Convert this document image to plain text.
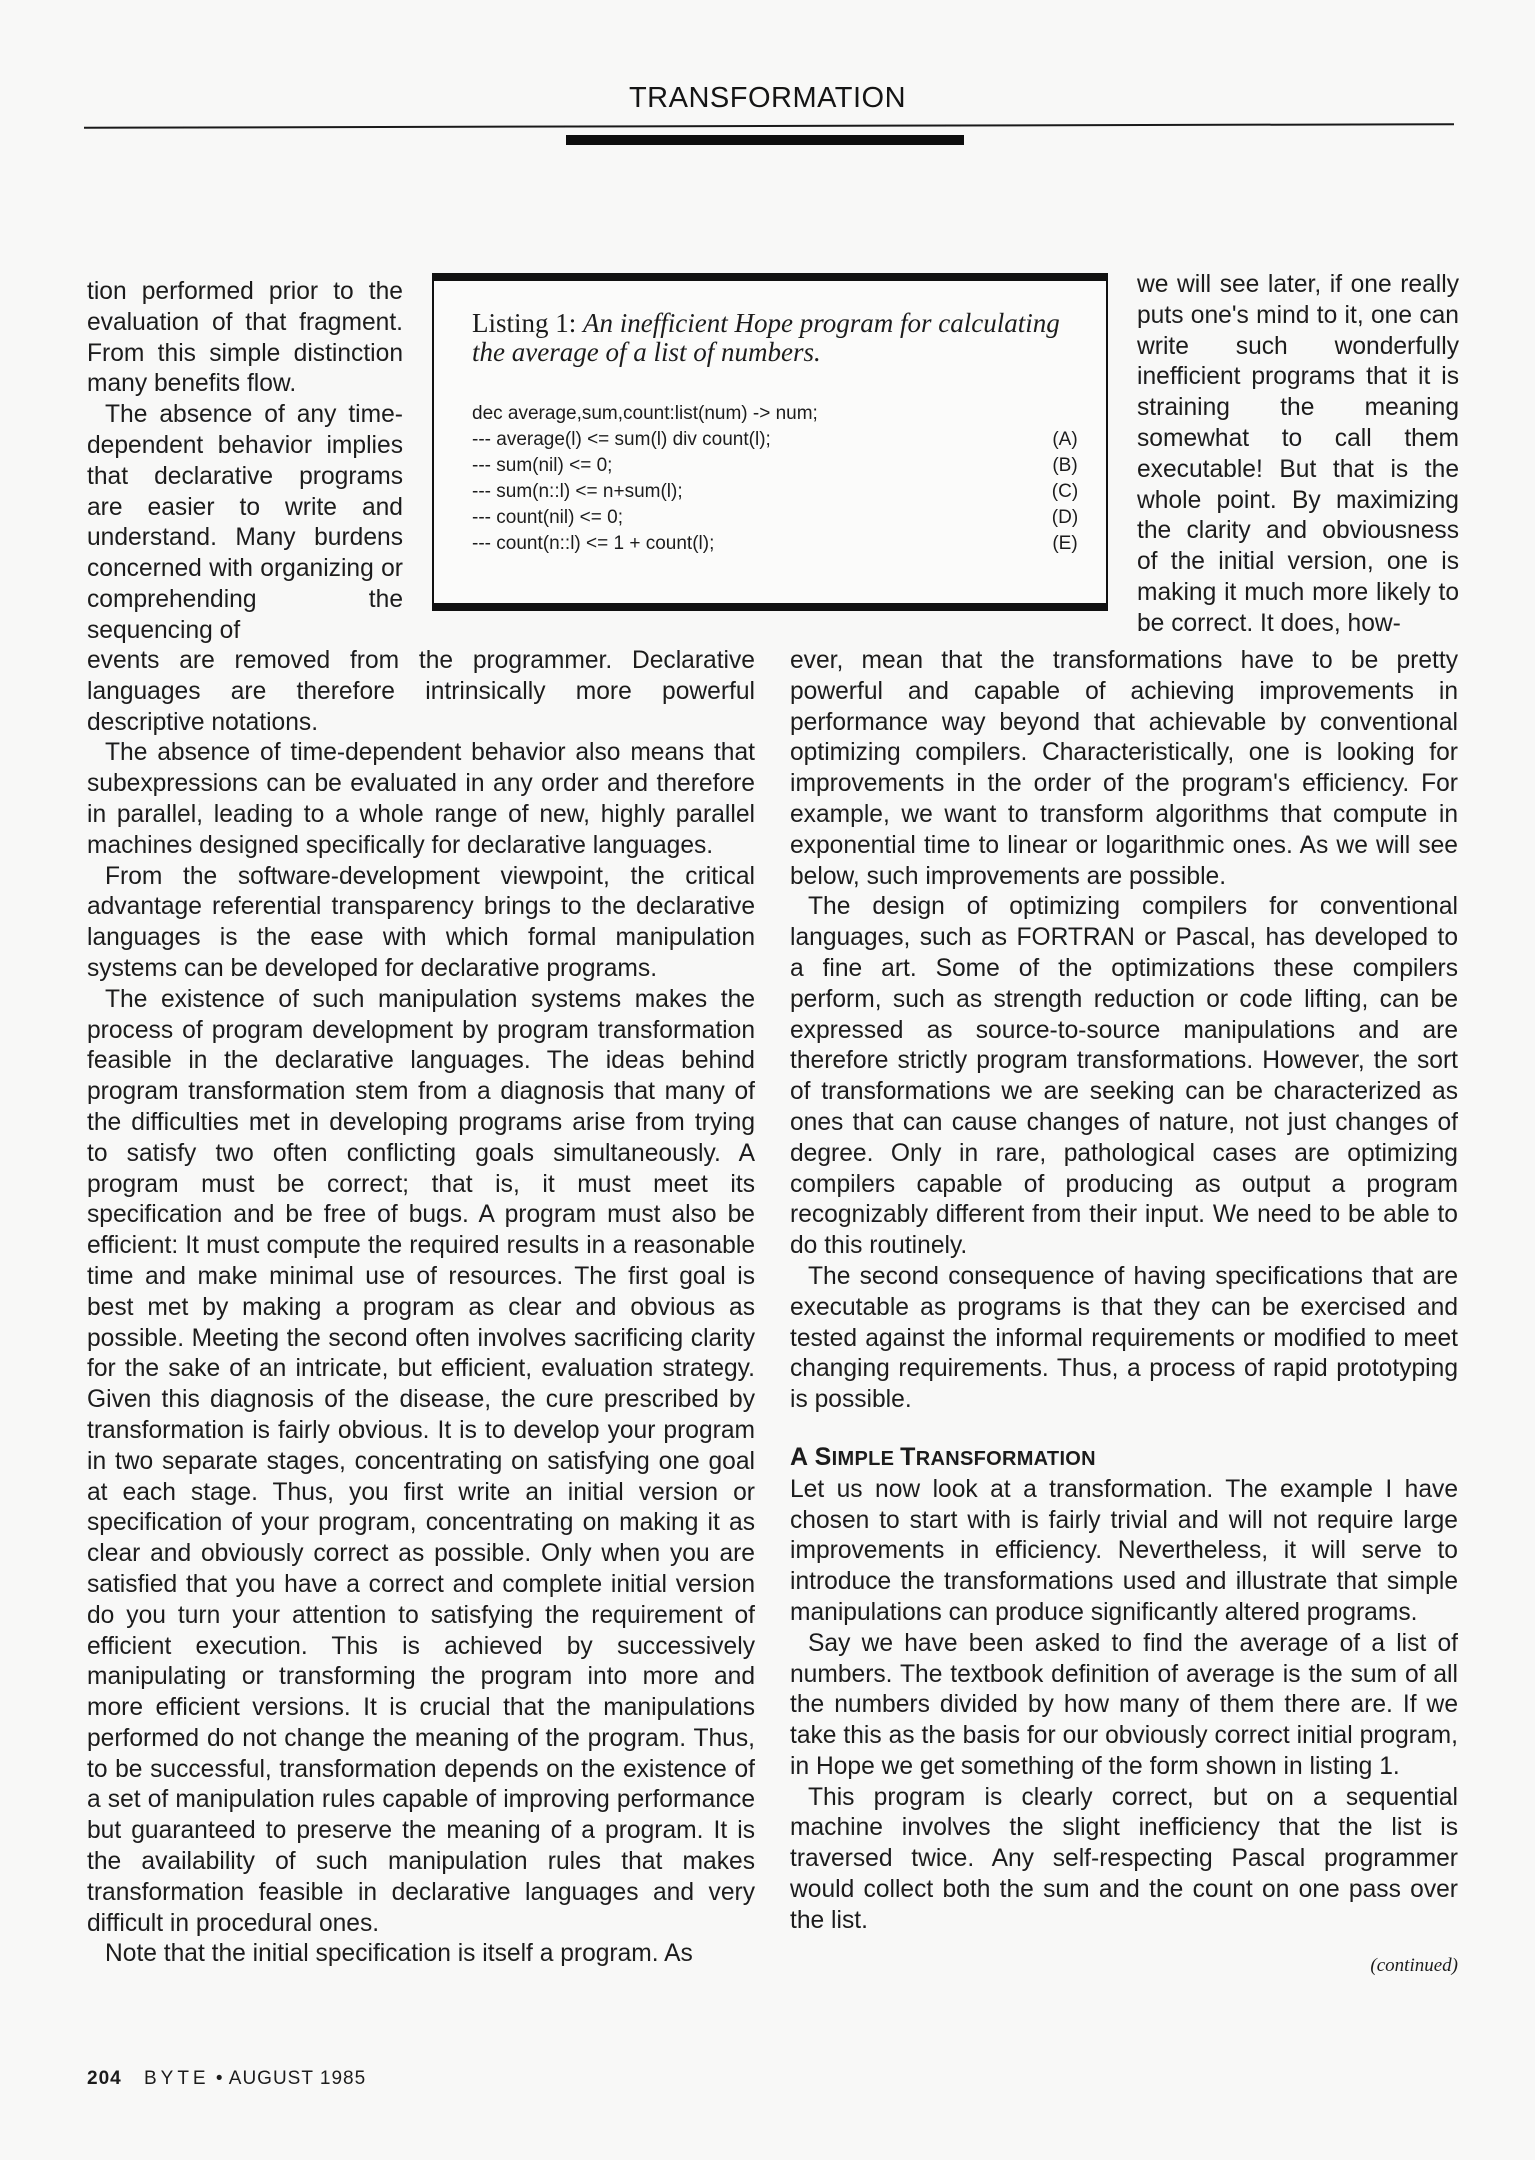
TRANSFORMATION

tion performed prior to the evaluation of that fragment. From this simple distinction many benefits flow.

The absence of any time-dependent behavior implies that declarative programs are easier to write and understand. Many burdens concerned with organizing or comprehending the sequencing of

Listing 1: An inefficient Hope program for calculating the average of a list of numbers.
dec average,sum,count:list(num) -> num;
--- average(l) <= sum(l) div count(l);	(A)
--- sum(nil) <= 0;	(B)
--- sum(n::l) <= n+sum(l);	(C)
--- count(nil) <= 0;	(D)
--- count(n::l) <= 1 + count(l);	(E)

we will see later, if one really puts one's mind to it, one can write such wonderfully inefficient programs that it is straining the meaning somewhat to call them executable! But that is the whole point. By maximizing the clarity and obviousness of the initial version, one is making it much more likely to be correct. It does, how-

events are removed from the programmer. Declarative languages are therefore intrinsically more powerful descriptive notations.

The absence of time-dependent behavior also means that subexpressions can be evaluated in any order and therefore in parallel, leading to a whole range of new, highly parallel machines designed specifically for declarative languages.

From the software-development viewpoint, the critical advantage referential transparency brings to the declarative languages is the ease with which formal manipulation systems can be developed for declarative programs.

The existence of such manipulation systems makes the process of program development by program transformation feasible in the declarative languages. The ideas behind program transformation stem from a diagnosis that many of the difficulties met in developing programs arise from trying to satisfy two often conflicting goals simultaneously. A program must be correct; that is, it must meet its specification and be free of bugs. A program must also be efficient: It must compute the required results in a reasonable time and make minimal use of resources. The first goal is best met by making a program as clear and obvious as possible. Meeting the second often involves sacrificing clarity for the sake of an intricate, but efficient, evaluation strategy. Given this diagnosis of the disease, the cure prescribed by transformation is fairly obvious. It is to develop your program in two separate stages, concentrating on satisfying one goal at each stage. Thus, you first write an initial version or specification of your program, concentrating on making it as clear and obviously correct as possible. Only when you are satisfied that you have a correct and complete initial version do you turn your attention to satisfying the requirement of efficient execution. This is achieved by successively manipulating or transforming the program into more and more efficient versions. It is crucial that the manipulations performed do not change the meaning of the program. Thus, to be successful, transformation depends on the existence of a set of manipulation rules capable of improving performance but guaranteed to preserve the meaning of a program. It is the availability of such manipulation rules that makes transformation feasible in declarative languages and very difficult in procedural ones.

Note that the initial specification is itself a program. As

ever, mean that the transformations have to be pretty powerful and capable of achieving improvements in performance way beyond that achievable by conventional optimizing compilers. Characteristically, one is looking for improvements in the order of the program's efficiency. For example, we want to transform algorithms that compute in exponential time to linear or logarithmic ones. As we will see below, such improvements are possible.

The design of optimizing compilers for conventional languages, such as FORTRAN or Pascal, has developed to a fine art. Some of the optimizations these compilers perform, such as strength reduction or code lifting, can be expressed as source-to-source manipulations and are therefore strictly program transformations. However, the sort of transformations we are seeking can be characterized as ones that can cause changes of nature, not just changes of degree. Only in rare, pathological cases are optimizing compilers capable of producing as output a program recognizably different from their input. We need to be able to do this routinely.

The second consequence of having specifications that are executable as programs is that they can be exercised and tested against the informal requirements or modified to meet changing requirements. Thus, a process of rapid prototyping is possible.

A SIMPLE TRANSFORMATION

Let us now look at a transformation. The example I have chosen to start with is fairly trivial and will not require large improvements in efficiency. Nevertheless, it will serve to introduce the transformations used and illustrate that simple manipulations can produce significantly altered programs.

Say we have been asked to find the average of a list of numbers. The textbook definition of average is the sum of all the numbers divided by how many of them there are. If we take this as the basis for our obviously correct initial program, in Hope we get something of the form shown in listing 1.

This program is clearly correct, but on a sequential machine involves the slight inefficiency that the list is traversed twice. Any self-respecting Pascal programmer would collect both the sum and the count on one pass over the list.

(continued)
204 BYTE • AUGUST 1985
